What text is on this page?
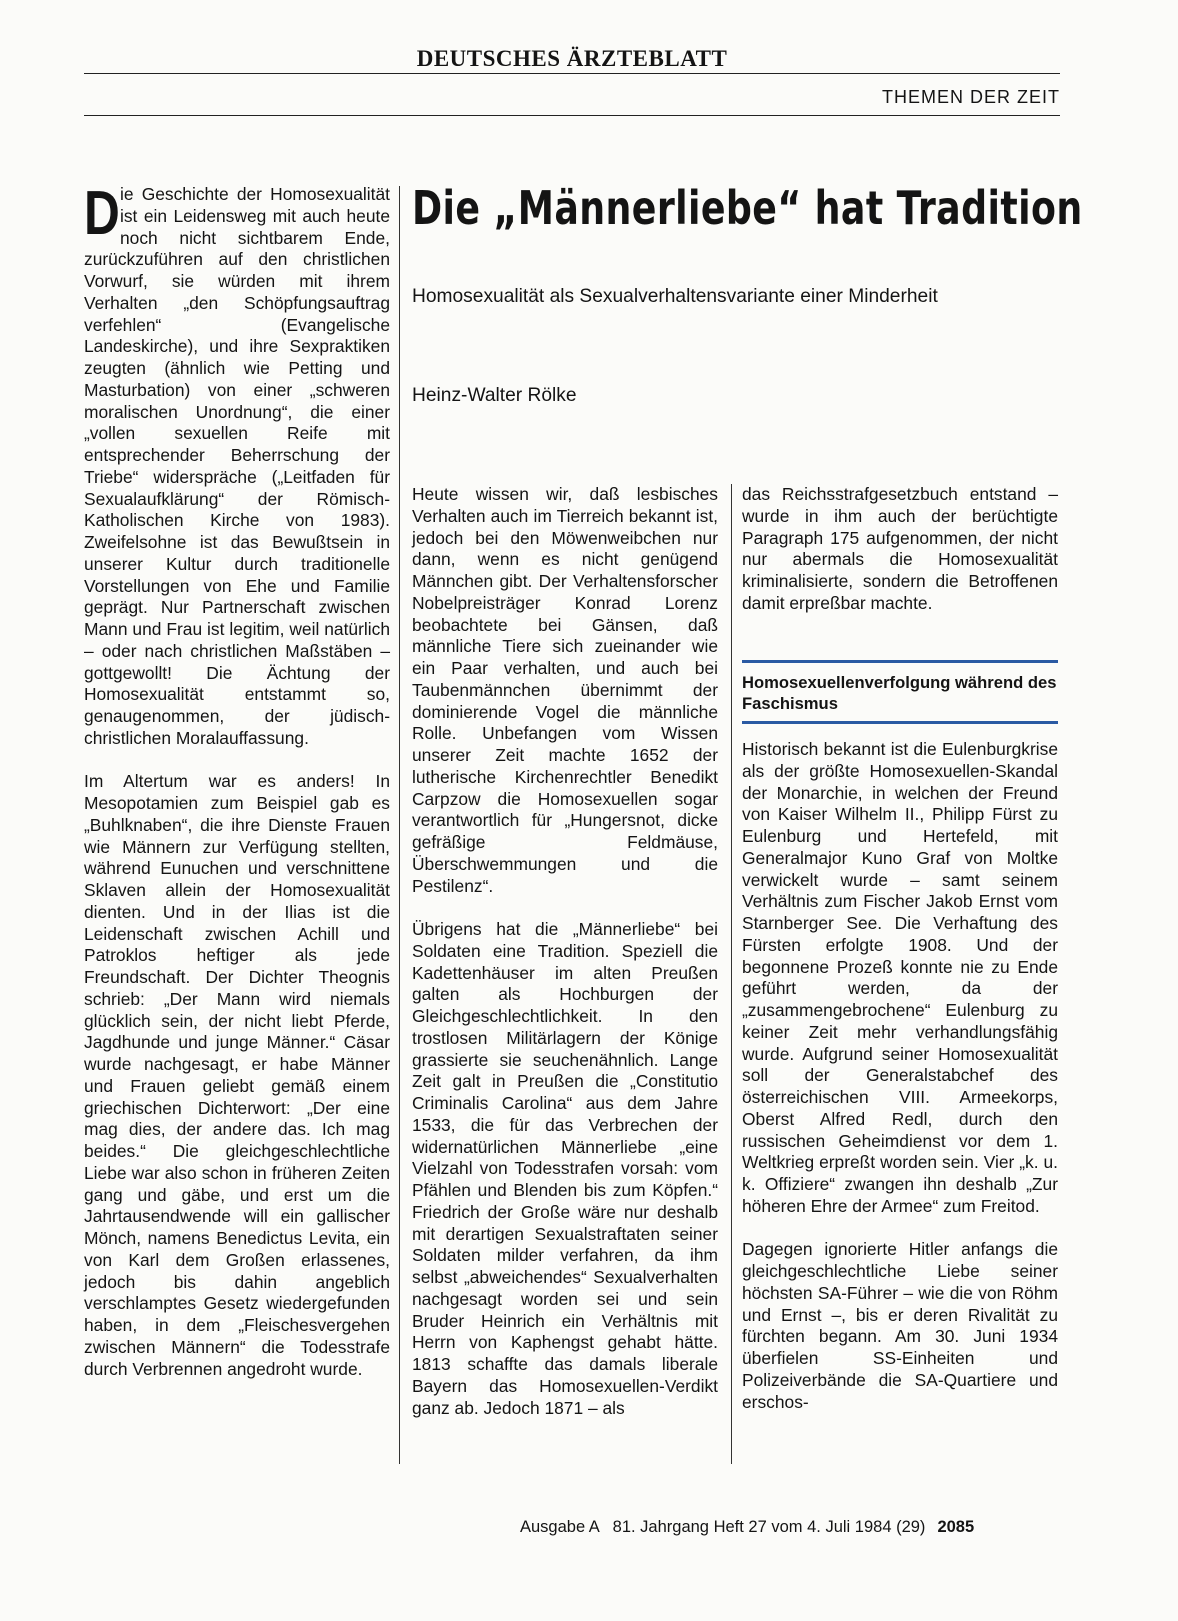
DEUTSCHES ÄRZTEBLATT
THEMEN DER ZEIT

Die Geschichte der Homosexualität ist ein Leidensweg mit auch heute noch nicht sichtbarem Ende, zurückzuführen auf den christlichen Vorwurf, sie würden mit ihrem Verhalten „den Schöpfungsauftrag verfehlen“ (Evangelische Landeskirche), und ihre Sexpraktiken zeugten (ähnlich wie Petting und Masturbation) von einer „schweren moralischen Unordnung“, die einer „vollen sexuellen Reife mit entsprechender Beherrschung der Triebe“ widerspräche („Leitfaden für Sexualaufklärung“ der Römisch-Katholischen Kirche von 1983). Zweifelsohne ist das Bewußtsein in unserer Kultur durch traditionelle Vorstellungen von Ehe und Familie geprägt. Nur Partnerschaft zwischen Mann und Frau ist legitim, weil natürlich – oder nach christlichen Maßstäben – gottgewollt! Die Ächtung der Homosexualität entstammt so, genaugenommen, der jüdisch-christlichen Moralauffassung.

Im Altertum war es anders! In Mesopotamien zum Beispiel gab es „Buhlknaben“, die ihre Dienste Frauen wie Männern zur Verfügung stellten, während Eunuchen und verschnittene Sklaven allein der Homosexualität dienten. Und in der Ilias ist die Leidenschaft zwischen Achill und Patroklos heftiger als jede Freundschaft. Der Dichter Theognis schrieb: „Der Mann wird niemals glücklich sein, der nicht liebt Pferde, Jagdhunde und junge Männer.“ Cäsar wurde nachgesagt, er habe Männer und Frauen geliebt gemäß einem griechischen Dichterwort: „Der eine mag dies, der andere das. Ich mag beides.“ Die gleichgeschlechtliche Liebe war also schon in früheren Zeiten gang und gäbe, und erst um die Jahrtausendwende will ein gallischer Mönch, namens Benedictus Levita, ein von Karl dem Großen erlassenes, jedoch bis dahin angeblich verschlamptes Gesetz wiedergefunden haben, in dem „Fleischesvergehen zwischen Männern“ die Todesstrafe durch Verbrennen angedroht wurde.

Die „Männerliebe“ hat Tradition
Homosexualität als Sexualverhaltensvariante einer Minderheit
Heinz-Walter Rölke

Heute wissen wir, daß lesbisches Verhalten auch im Tierreich bekannt ist, jedoch bei den Möwenweibchen nur dann, wenn es nicht genügend Männchen gibt. Der Verhaltensforscher Nobelpreisträger Konrad Lorenz beobachtete bei Gänsen, daß männliche Tiere sich zueinander wie ein Paar verhalten, und auch bei Taubenmännchen übernimmt der dominierende Vogel die männliche Rolle. Unbefangen vom Wissen unserer Zeit machte 1652 der lutherische Kirchenrechtler Benedikt Carpzow die Homosexuellen sogar verantwortlich für „Hungersnot, dicke gefräßige Feldmäuse, Überschwemmungen und die Pestilenz“.

Übrigens hat die „Männerliebe“ bei Soldaten eine Tradition. Speziell die Kadettenhäuser im alten Preußen galten als Hochburgen der Gleichgeschlechtlichkeit. In den trostlosen Militärlagern der Könige grassierte sie seuchenähnlich. Lange Zeit galt in Preußen die „Constitutio Criminalis Carolina“ aus dem Jahre 1533, die für das Verbrechen der widernatürlichen Männerliebe „eine Vielzahl von Todesstrafen vorsah: vom Pfählen und Blenden bis zum Köpfen.“ Friedrich der Große wäre nur deshalb mit derartigen Sexualstraftaten seiner Soldaten milder verfahren, da ihm selbst „abweichendes“ Sexualverhalten nachgesagt worden sei und sein Bruder Heinrich ein Verhältnis mit Herrn von Kaphengst gehabt hätte. 1813 schaffte das damals liberale Bayern das Homosexuellen-Verdikt ganz ab. Jedoch 1871 – als

das Reichsstrafgesetzbuch entstand – wurde in ihm auch der berüchtigte Paragraph 175 aufgenommen, der nicht nur abermals die Homosexualität kriminalisierte, sondern die Betroffenen damit erpreßbar machte.

Homosexuellenverfolgung während des Faschismus

Historisch bekannt ist die Eulenburgkrise als der größte Homosexuellen-Skandal der Monarchie, in welchen der Freund von Kaiser Wilhelm II., Philipp Fürst zu Eulenburg und Hertefeld, mit Generalmajor Kuno Graf von Moltke verwickelt wurde – samt seinem Verhältnis zum Fischer Jakob Ernst vom Starnberger See. Die Verhaftung des Fürsten erfolgte 1908. Und der begonnene Prozeß konnte nie zu Ende geführt werden, da der „zusammengebrochene“ Eulenburg zu keiner Zeit mehr verhandlungsfähig wurde. Aufgrund seiner Homosexualität soll der Generalstabchef des österreichischen VIII. Armeekorps, Oberst Alfred Redl, durch den russischen Geheimdienst vor dem 1. Weltkrieg erpreßt worden sein. Vier „k. u. k. Offiziere“ zwangen ihn deshalb „Zur höheren Ehre der Armee“ zum Freitod.

Dagegen ignorierte Hitler anfangs die gleichgeschlechtliche Liebe seiner höchsten SA-Führer – wie die von Röhm und Ernst –, bis er deren Rivalität zu fürchten begann. Am 30. Juni 1934 überfielen SS-Einheiten und Polizeiverbände die SA-Quartiere und erschos-

Ausgabe A   81. Jahrgang Heft 27 vom 4. Juli 1984 (29) 2085
